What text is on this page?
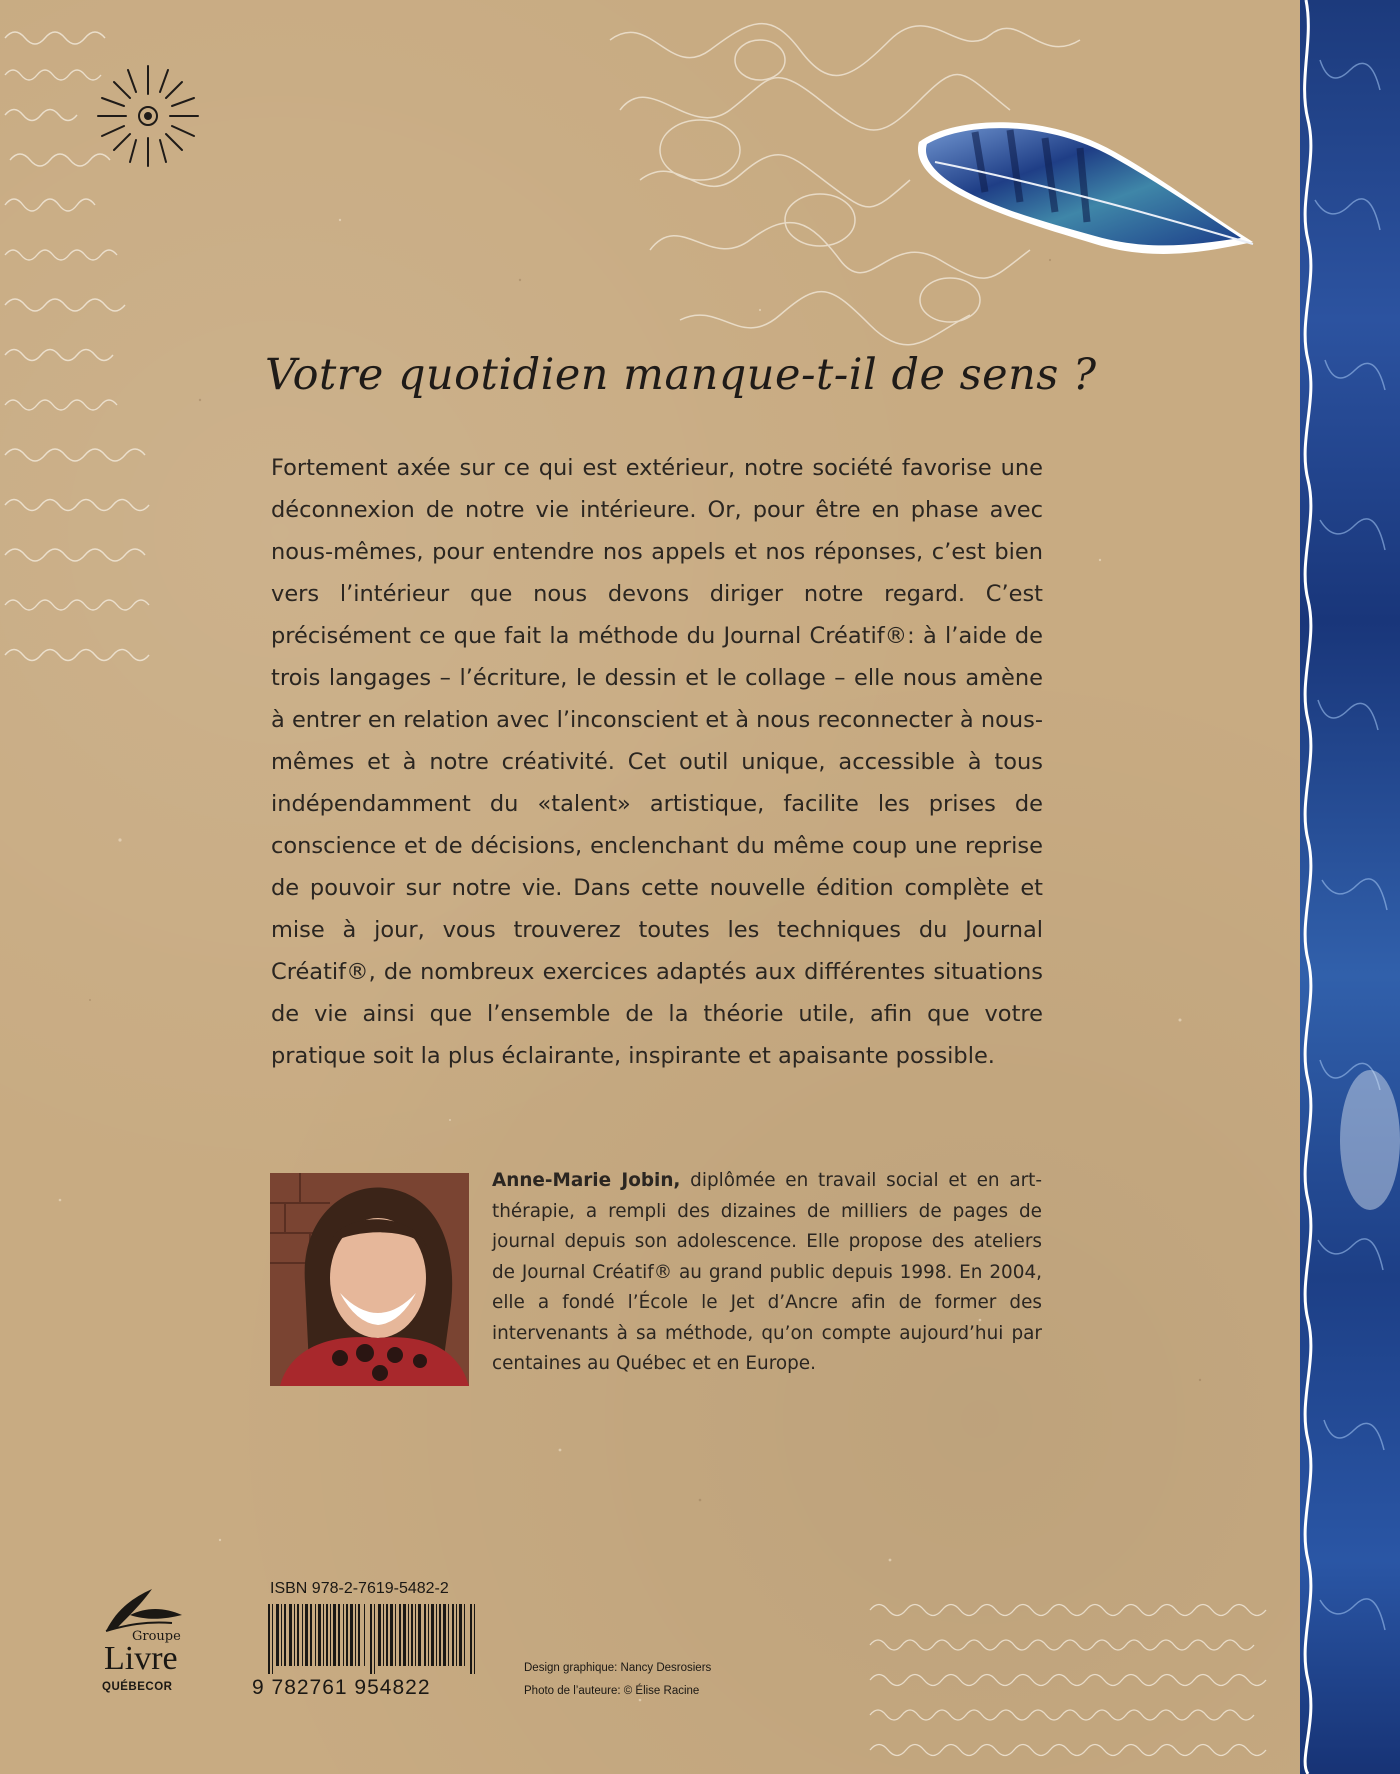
Votre quotidien manque-t-il de sens ?

Fortement axée sur ce qui est extérieur, notre société favorise une déconnexion de notre vie intérieure. Or, pour être en phase avec nous-mêmes, pour entendre nos appels et nos réponses, c’est bien vers l’intérieur que nous devons diriger notre regard. C’est précisément ce que fait la méthode du Journal Créatif®: à l’aide de trois langages – l’écriture, le dessin et le collage – elle nous amène à entrer en relation avec l’inconscient et à nous reconnecter à nous-mêmes et à notre créativité. Cet outil unique, accessible à tous indépendamment du «talent» artistique, facilite les prises de conscience et de décisions, enclenchant du même coup une reprise de pouvoir sur notre vie. Dans cette nouvelle édition complète et mise à jour, vous trouverez toutes les techniques du Journal Créatif®, de nombreux exercices adaptés aux différentes situations de vie ainsi que l’ensemble de la théorie utile, afin que votre pratique soit la plus éclairante, inspirante et apaisante possible.

Anne-Marie Jobin, diplômée en travail social et en art-thérapie, a rempli des dizaines de milliers de pages de journal depuis son adolescence. Elle propose des ateliers de Journal Créatif® au grand public depuis 1998. En 2004, elle a fondé l’École le Jet d’Ancre afin de former des intervenants à sa méthode, qu’on compte aujourd’hui par centaines au Québec et en Europe.

Groupe
Livre
QUÉBECOR
ISBN 978-2-7619-5482-2
9 782761 954822
Design graphique: Nancy Desrosiers
Photo de l’auteure: © Élise Racine
